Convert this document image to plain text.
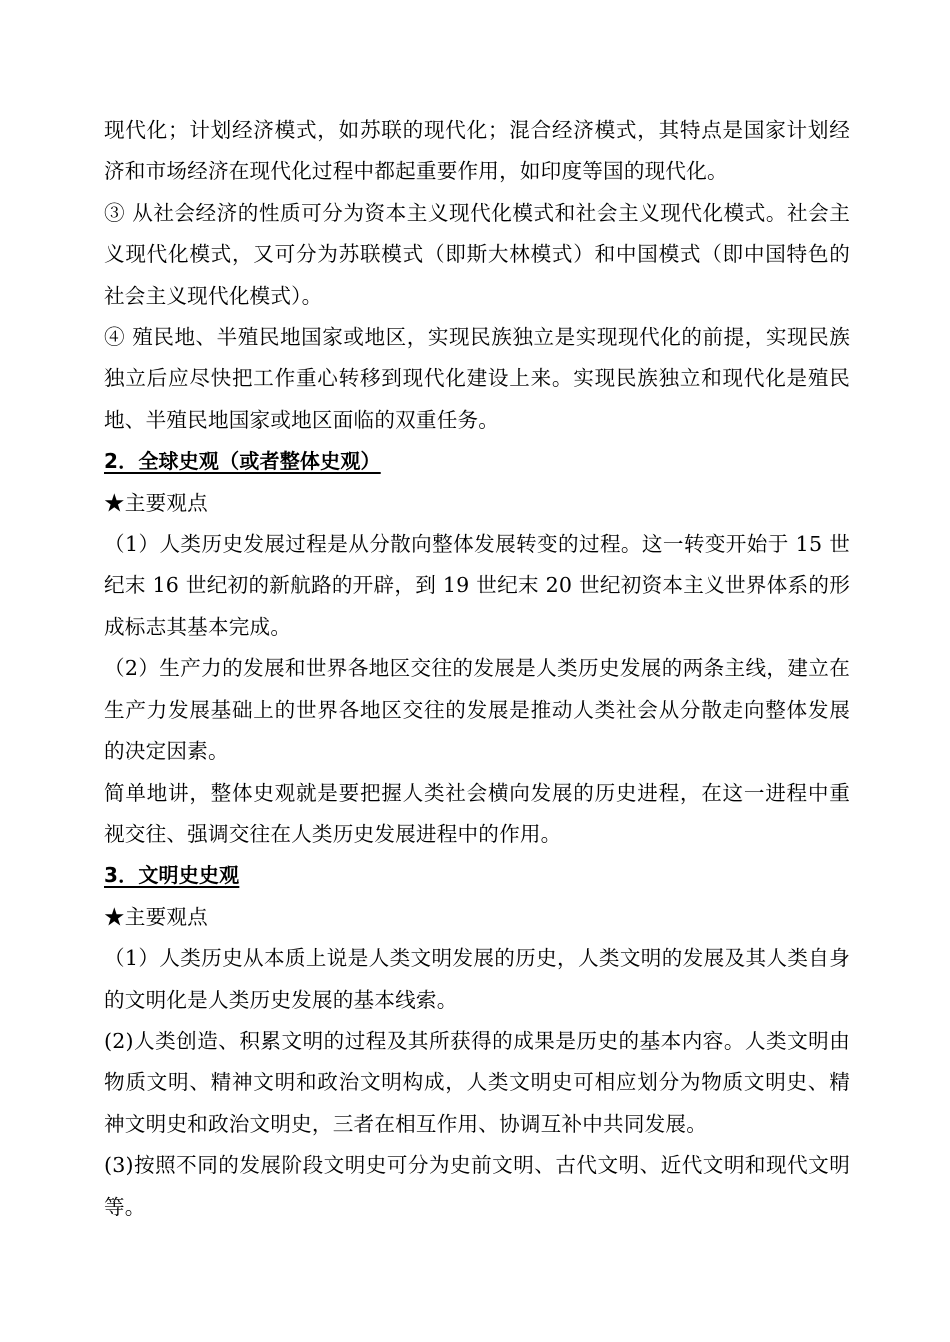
现代化；计划经济模式，如苏联的现代化；混合经济模式，其特点是国家计划经济和市场经济在现代化过程中都起重要作用，如印度等国的现代化。

③ 从社会经济的性质可分为资本主义现代化模式和社会主义现代化模式。社会主义现代化模式，又可分为苏联模式（即斯大林模式）和中国模式（即中国特色的社会主义现代化模式）。

④ 殖民地、半殖民地国家或地区，实现民族独立是实现现代化的前提，实现民族独立后应尽快把工作重心转移到现代化建设上来。实现民族独立和现代化是殖民地、半殖民地国家或地区面临的双重任务。

2．全球史观（或者整体史观）

★主要观点

（1）人类历史发展过程是从分散向整体发展转变的过程。这一转变开始于 15 世纪末 16 世纪初的新航路的开辟，到 19 世纪末 20 世纪初资本主义世界体系的形成标志其基本完成。

（2）生产力的发展和世界各地区交往的发展是人类历史发展的两条主线，建立在生产力发展基础上的世界各地区交往的发展是推动人类社会从分散走向整体发展的决定因素。

简单地讲，整体史观就是要把握人类社会横向发展的历史进程，在这一进程中重视交往、强调交往在人类历史发展进程中的作用。

3．文明史史观

★主要观点

（1）人类历史从本质上说是人类文明发展的历史，人类文明的发展及其人类自身的文明化是人类历史发展的基本线索。

(2)人类创造、积累文明的过程及其所获得的成果是历史的基本内容。人类文明由物质文明、精神文明和政治文明构成，人类文明史可相应划分为物质文明史、精神文明史和政治文明史，三者在相互作用、协调互补中共同发展。

(3)按照不同的发展阶段文明史可分为史前文明、古代文明、近代文明和现代文明等。
